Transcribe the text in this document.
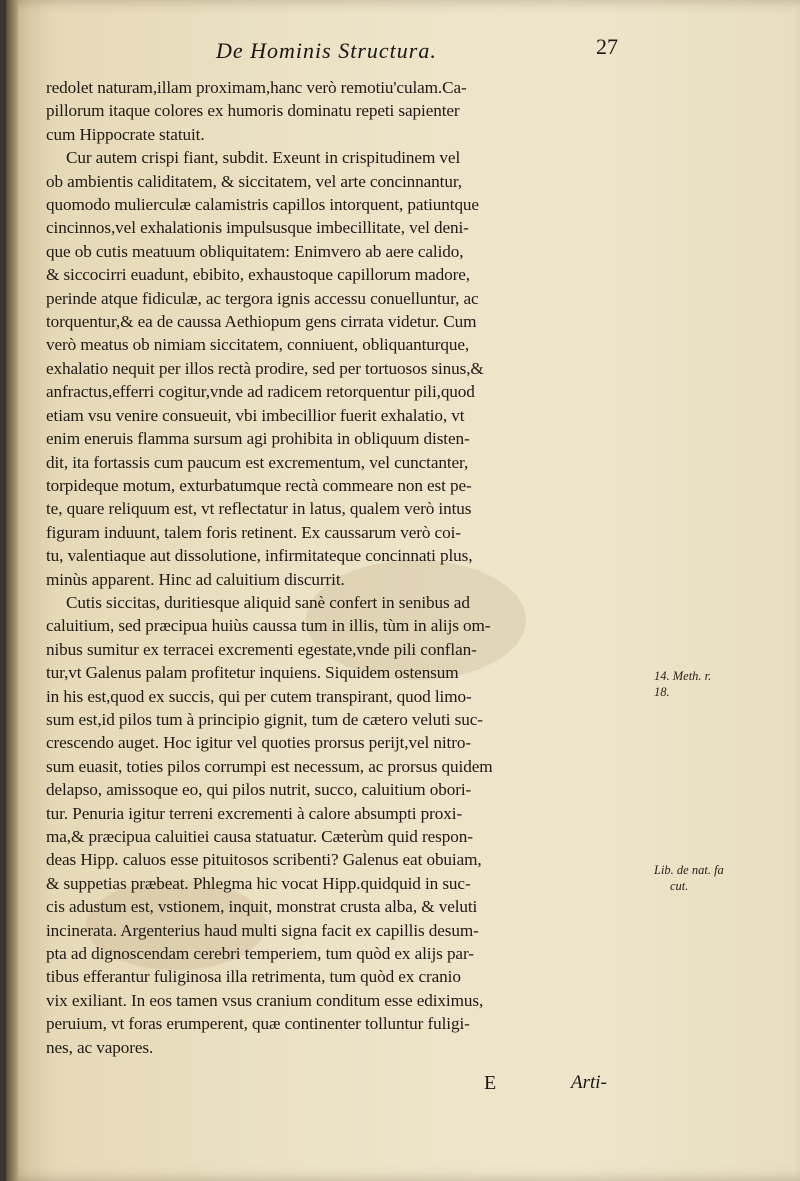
De Hominis Structura.	27
redolet naturam,illam proximam,hanc verò remotiu'culam.Ca-
pillorum itaque colores ex humoris dominatu repeti sapienter
cum Hippocrate statuit.
Cur autem crispi fiant, subdit. Exeunt in crispitudinem vel
ob ambientis caliditatem, & siccitatem, vel arte concinnantur,
quomodo mulierculæ calamistris capillos intorquent, patiuntque
cincinnos,vel exhalationis impulsusque imbecillitate, vel deni-
que ob cutis meatuum obliquitatem: Enimvero ab aere calido,
& siccocirri euadunt, ebibito, exhaustoque capillorum madore,
perinde atque fidiculæ, ac tergora ignis accessu conuelluntur, ac
torquentur,& ea de caussa Aethiopum gens cirrata videtur. Cum
verò meatus ob nimiam siccitatem, conniuent, obliquanturque,
exhalatio nequit per illos rectà prodire, sed per tortuosos sinus,&
anfractus,efferri cogitur,vnde ad radicem retorquentur pili,quod
etiam vsu venire consueuit, vbi imbecillior fuerit exhalatio, vt
enim eneruis flamma sursum agi prohibita in obliquum disten-
dit, ita fortassis cum paucum est excrementum, vel cunctanter,
torpideque motum, exturbatumque rectà commeare non est pe-
te, quare reliquum est, vt reflectatur in latus, qualem verò intus
figuram induunt, talem foris retinent. Ex caussarum verò coi-
tu, valentiaque aut dissolutione, infirmitateque concinnati plus,
minùs apparent. Hinc ad caluitium discurrit.
Cutis siccitas, duritiesque aliquid sanè confert in senibus ad
caluitium, sed præcipua huiùs caussa tum in illis, tùm in alijs om-
nibus sumitur ex terracei excrementi egestate,vnde pili conflan-
tur,vt Galenus palam profitetur inquiens. Siquidem ostensum
in his est,quod ex succis, qui per cutem transpirant, quod limo-
sum est,id pilos tum à principio gignit, tum de cætero veluti suc-
crescendo auget. Hoc igitur vel quoties prorsus perijt,vel nitro-
sum euasit, toties pilos corrumpi est necessum, ac prorsus quidem
delapso, amissoque eo, qui pilos nutrit, succo, caluitium obori-
tur. Penuria igitur terreni excrementi à calore absumpti proxi-
ma,& præcipua caluitiei causa statuatur. Cæterùm quid respon-
deas Hipp. caluos esse pituitosos scribenti? Galenus eat obuiam,
& suppetias præbeat. Phlegma hic vocat Hipp.quidquid in suc-
cis adustum est, vstionem, inquit, monstrat crusta alba, & veluti
incinerata. Argenterius haud multi signa facit ex capillis desum-
pta ad dignoscendam cerebri temperiem, tum quòd ex alijs par-
tibus efferantur fuliginosa illa retrimenta, tum quòd ex cranio
vix exiliant. In eos tamen vsus cranium conditum esse ediximus,
peruium, vt foras erumperent, quæ continenter tolluntur fuligi-
nes, ac vapores.
14. Meth. r.
18.
Lib. de nat. fa
cut.
E	Arti-
